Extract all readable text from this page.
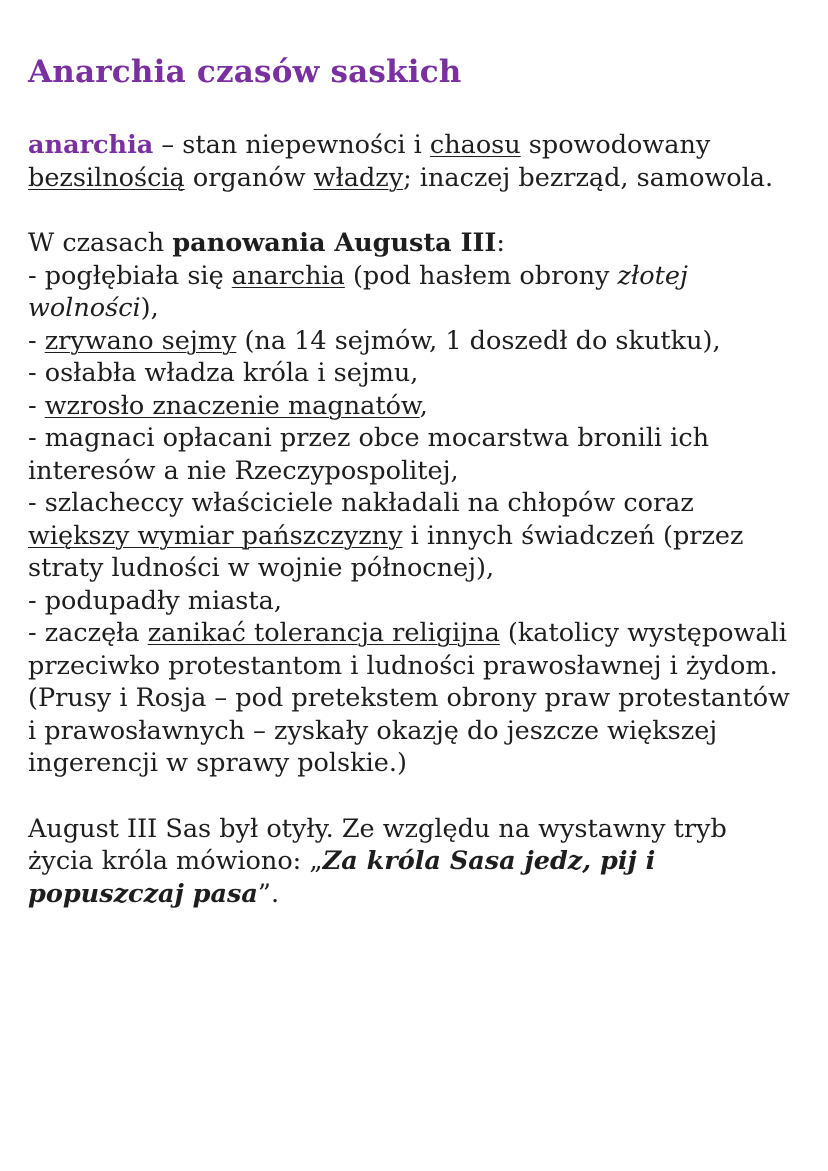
Anarchia czasów saskich

anarchia – stan niepewności i chaosu spowodowany bezsilnością organów władzy; inaczej bezrząd, samowola.

W czasach panowania Augusta III:

- pogłębiała się anarchia (pod hasłem obrony złotej wolności),

- zrywano sejmy (na 14 sejmów, 1 doszedł do skutku),

- osłabła władza króla i sejmu,

- wzrosło znaczenie magnatów,

- magnaci opłacani przez obce mocarstwa bronili ich interesów a nie Rzeczypospolitej,

- szlacheccy właściciele nakładali na chłopów coraz większy wymiar pańszczyzny i innych świadczeń (przez straty ludności w wojnie północnej),

- podupadły miasta,

- zaczęła zanikać tolerancja religijna (katolicy występowali przeciwko protestantom i ludności prawosławnej i żydom. (Prusy i Rosja – pod pretekstem obrony praw protestantów i prawosławnych – zyskały okazję do jeszcze większej ingerencji w sprawy polskie.)

August III Sas był otyły. Ze względu na wystawny tryb życia króla mówiono: „Za króla Sasa jedz, pij i popuszczaj pasa”.
